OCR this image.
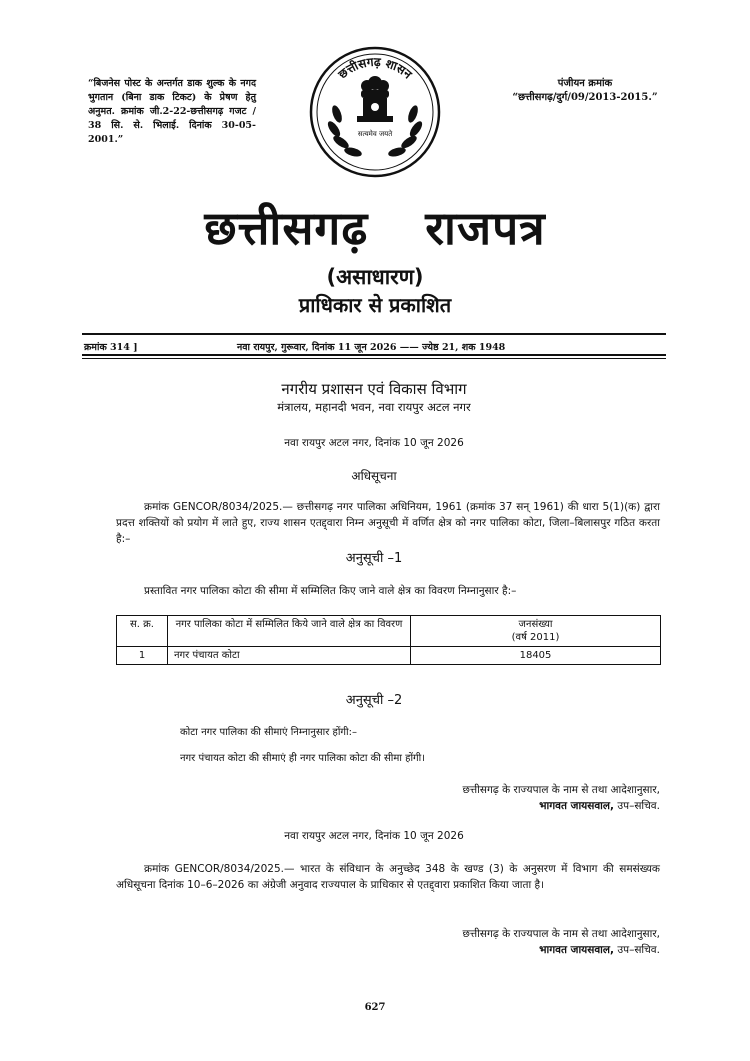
“बिजनेस पोस्ट के अन्तर्गत डाक शुल्क के नगद भुगतान (बिना डाक टिकट) के प्रेषण हेतु अनुमत. क्रमांक जी.2-22-छत्तीसगढ़ गजट / 38 सि. से. भिलाई. दिनांक 30-05-2001.”
पंजीयन क्रमांक
“छत्तीसगढ़/दुर्ग/09/2013-2015.”
छत्तीसगढ़ शासन
सत्यमेव जयते
छत्तीसगढ़ राजपत्र
(असाधारण)
प्राधिकार से प्रकाशित
क्रमांक 314 ]	नवा रायपुर, गुरूवार, दिनांक 11 जून 2026 —— ज्येष्ठ 21, शक 1948
नगरीय प्रशासन एवं विकास विभाग
मंत्रालय, महानदी भवन, नवा रायपुर अटल नगर
नवा रायपुर अटल नगर, दिनांक 10 जून 2026
अधिसूचना
क्रमांक GENCOR/8034/2025.— छत्तीसगढ़ नगर पालिका अधिनियम, 1961 (क्रमांक 37 सन् 1961) की धारा 5(1)(क) द्वारा प्रदत्त शक्तियों को प्रयोग में लाते हुए, राज्य शासन एतद्द्वारा निम्न अनुसूची में वर्णित क्षेत्र को नगर पालिका कोटा, जिला–बिलासपुर गठित करता है:–
अनुसूची –1
प्रस्तावित नगर पालिका कोटा की सीमा में सम्मिलित किए जाने वाले क्षेत्र का विवरण निम्नानुसार है:–
स. क्र.	नगर पालिका कोटा में सम्मिलित किये जाने वाले क्षेत्र का विवरण	जनसंख्या
(वर्ष 2011)

1	नगर पंचायत कोटा	18405
अनुसूची –2
कोटा नगर पालिका की सीमाएं निम्नानुसार होंगी:–
नगर पंचायत कोटा की सीमाएं ही नगर पालिका कोटा की सीमा होंगी।
छत्तीसगढ़ के राज्यपाल के नाम से तथा आदेशानुसार,
भागवत जायसवाल, उप–सचिव.
नवा रायपुर अटल नगर, दिनांक 10 जून 2026
क्रमांक GENCOR/8034/2025.— भारत के संविधान के अनुच्छेद 348 के खण्ड (3) के अनुसरण में विभाग की समसंख्यक अधिसूचना दिनांक 10–6–2026 का अंग्रेजी अनुवाद राज्यपाल के प्राधिकार से एतद्द्वारा प्रकाशित किया जाता है।
छत्तीसगढ़ के राज्यपाल के नाम से तथा आदेशानुसार,
भागवत जायसवाल, उप–सचिव.
627
